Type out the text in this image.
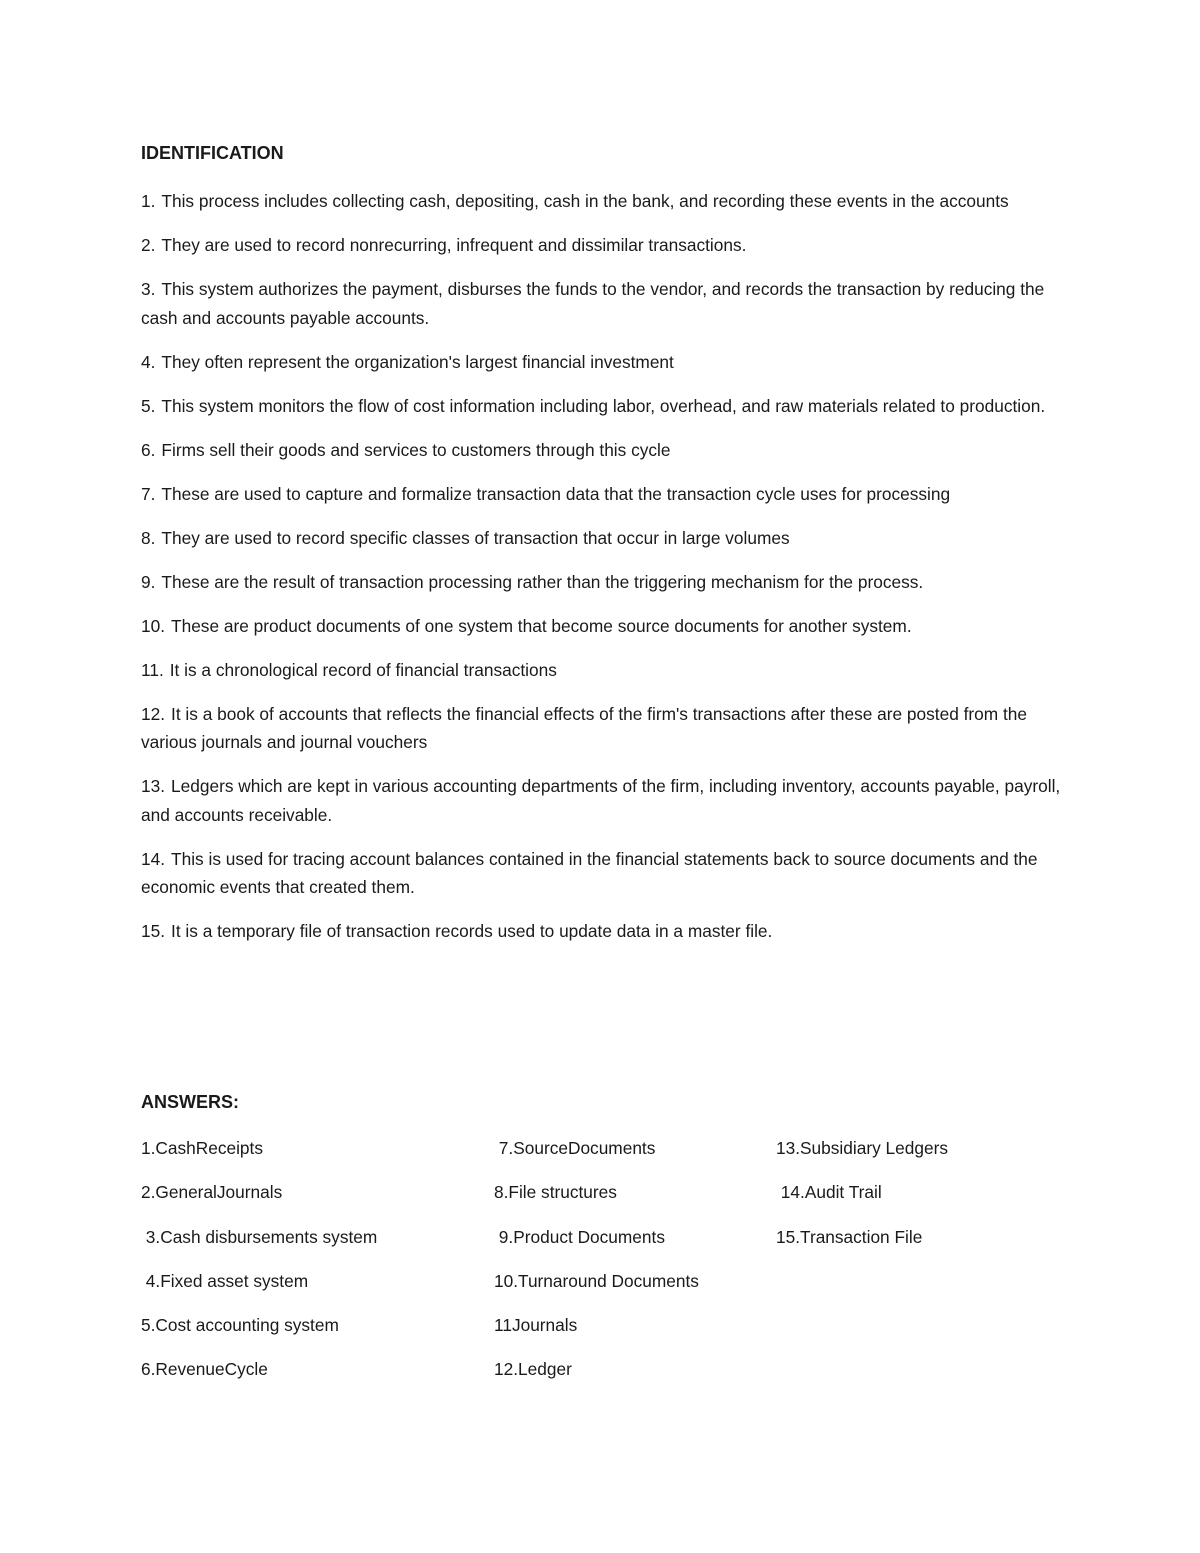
IDENTIFICATION
1. This process includes collecting cash, depositing, cash in the bank, and recording these events in the accounts
2. They are used to record nonrecurring, infrequent and dissimilar transactions.
3. This system authorizes the payment, disburses the funds to the vendor, and records the transaction by reducing the cash and accounts payable accounts.
4. They often represent the organization's largest financial investment
5. This system monitors the flow of cost information including labor, overhead, and raw materials related to production.
6. Firms sell their goods and services to customers through this cycle
7. These are used to capture and formalize transaction data that the transaction cycle uses for processing
8. They are used to record specific classes of transaction that occur in large volumes
9. These are the result of transaction processing rather than the triggering mechanism for the process.
10. These are product documents of one system that become source documents for another system.
11. It is a chronological record of financial transactions
12. It is a book of accounts that reflects the financial effects of the firm's transactions after these are posted from the various journals and journal vouchers
13. Ledgers which are kept in various accounting departments of the firm, including inventory, accounts payable, payroll, and accounts receivable.
14. This is used for tracing account balances contained in the financial statements back to source documents and the economic events that created them.
15. It is a temporary file of transaction records used to update data in a master file.
ANSWERS:
1.CashReceipts
2.GeneralJournals
3.Cash disbursements system
4.Fixed asset system
5.Cost accounting system
6.RevenueCycle
7.SourceDocuments
8.File structures
9.Product Documents
10.Turnaround Documents
11Journals
12.Ledger
13.Subsidiary Ledgers
14.Audit Trail
15.Transaction File
